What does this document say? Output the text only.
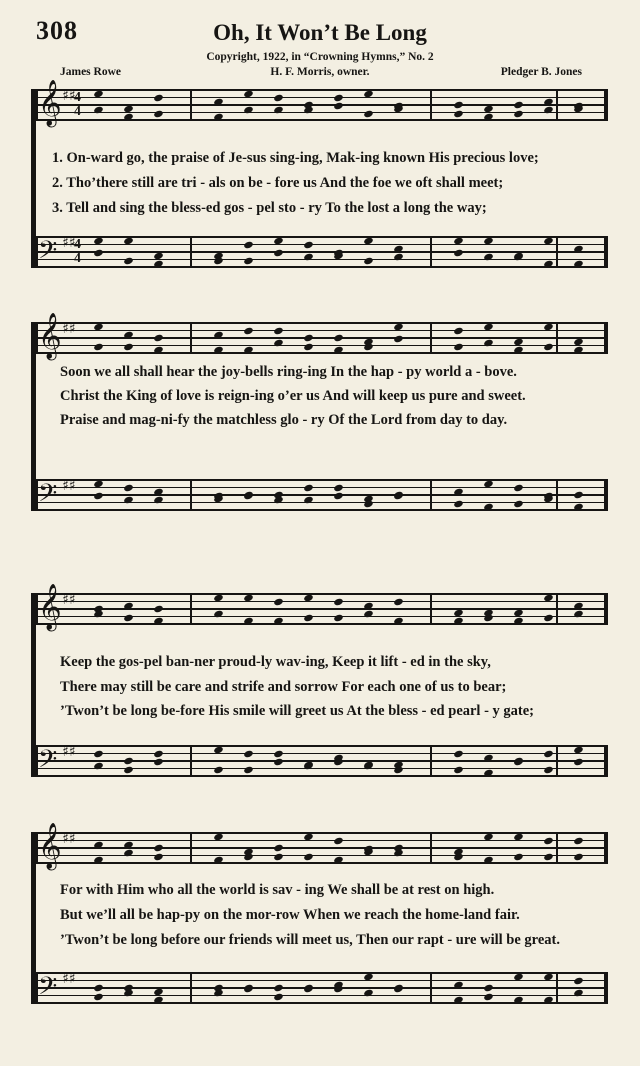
308	Oh, It Won’t Be Long
Copyright, 1922, in “Crowning Hymns,” No. 2
H. F. Morris, owner.
James Rowe	Pledger B. Jones
𝄞 ♯♯
4
4
𝄢 ♯♯
4
4
1. On-ward go, the praise of Je-sus sing-ing, Mak-ing known His precious love;
2. Tho’there still are tri - als on be - fore us And the foe we oft shall meet;
3. Tell and sing the bless-ed gos - pel sto - ry To the lost a long the way;
𝄞 ♯♯
𝄢 ♯♯
Soon we all shall hear the joy-bells ring-ing In the hap - py world a - bove.
Christ the King of love is reign-ing o’er us And will keep us pure and sweet.
Praise and mag-ni-fy the matchless glo - ry Of the Lord from day to day.
𝄞 ♯♯
𝄢 ♯♯
Keep the gos-pel ban-ner proud-ly wav-ing, Keep it lift - ed in the sky,
There may still be care and strife and sorrow For each one of us to bear;
’Twon’t be long be-fore His smile will greet us At the bless - ed pearl - y gate;
𝄞 ♯♯
𝄢 ♯♯
For with Him who all the world is sav - ing We shall be at rest on high.
But we’ll all be hap-py on the mor-row When we reach the home-land fair.
’Twon’t be long before our friends will meet us, Then our rapt - ure will be great.
